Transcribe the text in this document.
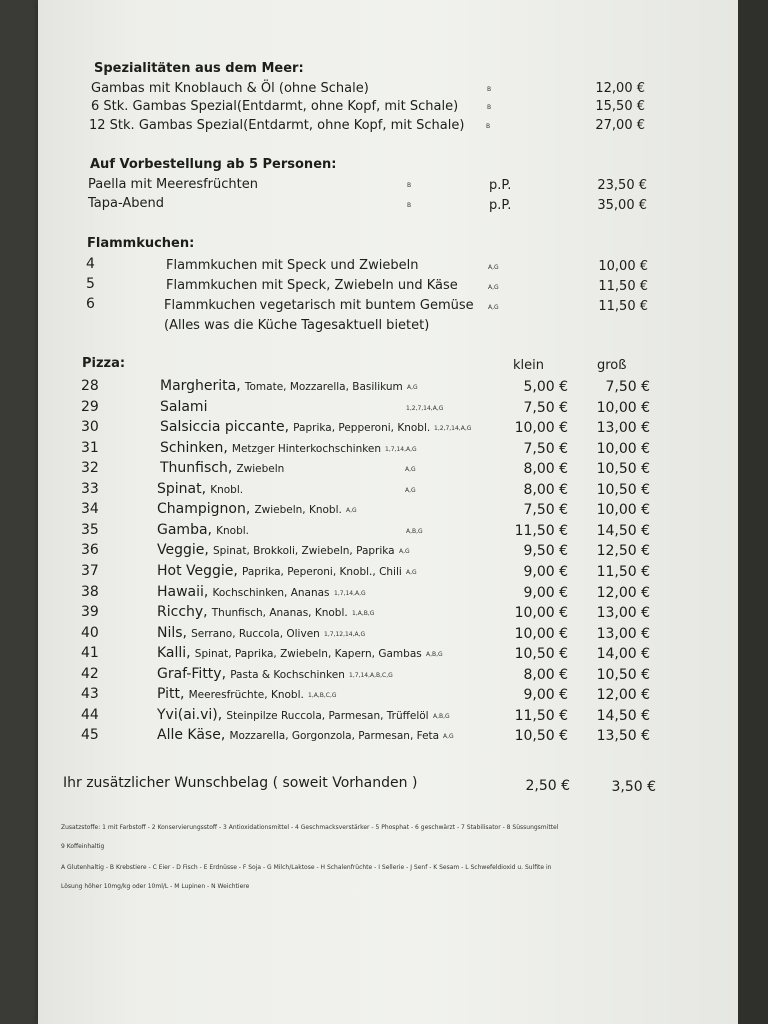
Spezialitäten aus dem Meer:
Gambas mit Knoblauch & Öl (ohne Schale)	B	12,00 €
6 Stk. Gambas Spezial(Entdarmt, ohne Kopf, mit Schale)	B	15,50 €
12 Stk. Gambas Spezial(Entdarmt, ohne Kopf, mit Schale)	B	27,00 €
Auf Vorbestellung ab 5 Personen:
Paella mit Meeresfrüchten	B	p.P.	23,50 €
Tapa-Abend	B	p.P.	35,00 €
Flammkuchen:
4	Flammkuchen mit Speck und Zwiebeln	A,G	10,00 €
5	Flammkuchen mit Speck, Zwiebeln und Käse	A,G	11,50 €
6	Flammkuchen vegetarisch mit buntem Gemüse A,G	11,50 €
(Alles was die Küche Tagesaktuell bietet)
Pizza:	klein	groß
28	Margherita, Tomate, Mozzarella, Basilikum A,G	5,00 €	7,50 €
29	Salami	1,2,7,14,A,G	7,50 €	10,00 €
30	Salsiccia piccante, Paprika, Pepperoni, Knobl. 1,2,7,14,A,G	10,00 €	13,00 €
31	Schinken, Metzger Hinterkochschinken 1,7,14,A,G	7,50 €	10,00 €
32	Thunfisch, Zwiebeln	A,G	8,00 €	10,50 €
33	Spinat, Knobl.	A,G	8,00 €	10,50 €
34	Champignon, Zwiebeln, Knobl. A,G	7,50 €	10,00 €
35	Gamba, Knobl.	A,B,G	11,50 €	14,50 €
36	Veggie, Spinat, Brokkoli, Zwiebeln, Paprika A,G	9,50 €	12,50 €
37	Hot Veggie, Paprika, Peperoni, Knobl., Chili A,G	9,00 €	11,50 €
38	Hawaii, Kochschinken, Ananas 1,7,14,A,G	9,00 €	12,00 €
39	Ricchy, Thunfisch, Ananas, Knobl. 1,A,B,G	10,00 €	13,00 €
40	Nils, Serrano, Ruccola, Oliven 1,7,12,14,A,G	10,00 €	13,00 €
41	Kalli, Spinat, Paprika, Zwiebeln, Kapern, Gambas A,B,G	10,50 €	14,00 €
42	Graf-Fitty, Pasta & Kochschinken 1,7,14,A,B,C,G	8,00 €	10,50 €
43	Pitt, Meeresfrüchte, Knobl. 1,A,B,C,G	9,00 €	12,00 €
44	Yvi(ai.vi), Steinpilze Ruccola, Parmesan, Trüffelöl A,B,G	11,50 €	14,50 €
45	Alle Käse, Mozzarella, Gorgonzola, Parmesan, Feta A,G	10,50 €	13,50 €
Ihr zusätzlicher Wunschbelag ( soweit Vorhanden )	2,50 €	3,50 €
Zusatzstoffe: 1 mit Farbstoff - 2 Konservierungsstoff - 3 Antioxidationsmittel - 4 Geschmacksverstärker - 5 Phosphat - 6 geschwärzt - 7 Stabilisator - 8 Süssungsmittel
9 Koffeinhaltig
A Glutenhaltig - B Krebstiere - C Eier - D Fisch - E Erdnüsse - F Soja - G Milch/Laktose - H Schalenfrüchte - I Sellerie - J Senf - K Sesam - L Schwefeldioxid u. Sulfite in
Lösung höher 10mg/kg oder 10ml/L - M Lupinen - N Weichtiere
